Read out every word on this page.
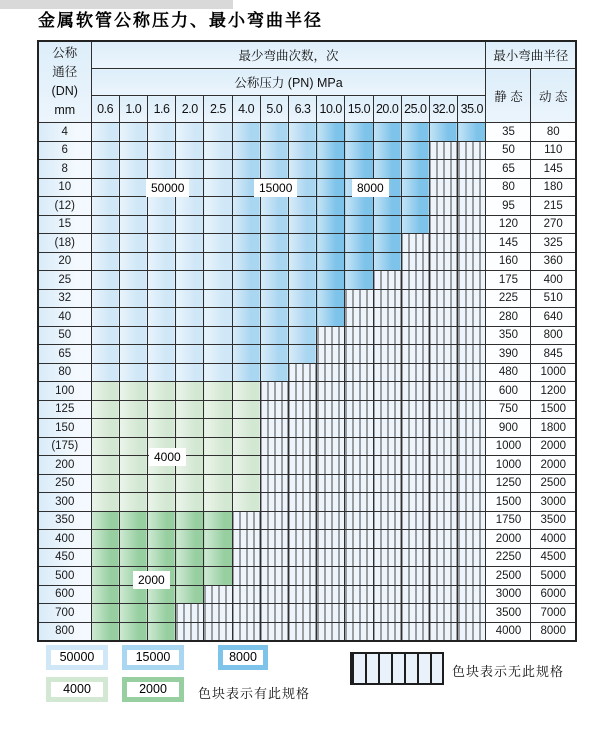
金属软管公称压力、最小弯曲半径
公称
通径
(DN)
mm	最少弯曲次数，次														最小弯曲半径	
	公称压力 (PN) MPa														静 态	动 态
	0.6	1.0	1.6	2.0	2.5	4.0	5.0	6.3	10.0	15.0	20.0	25.0	32.0	35.0		
4															35	80
6															50	110
8															65	145
10															80	180
(12)															95	215
15															120	270
(18)															145	325
20															160	360
25															175	400
32															225	510
40															280	640
50															350	800
65															390	845
80															480	1000
100															600	1200
125															750	1500
150															900	1800
(175)															1000	2000
200															1000	2000
250															1250	2500
300															1500	3000
350															1750	3500
400															2000	4000
450															2250	4500
500															2500	5000
600															3000	6000
700															3500	7000
800															4000	8000
50000	15000	8000
4000
2000
50000	15000	8000
4000	2000	色块表示有此规格
色块表示无此规格
